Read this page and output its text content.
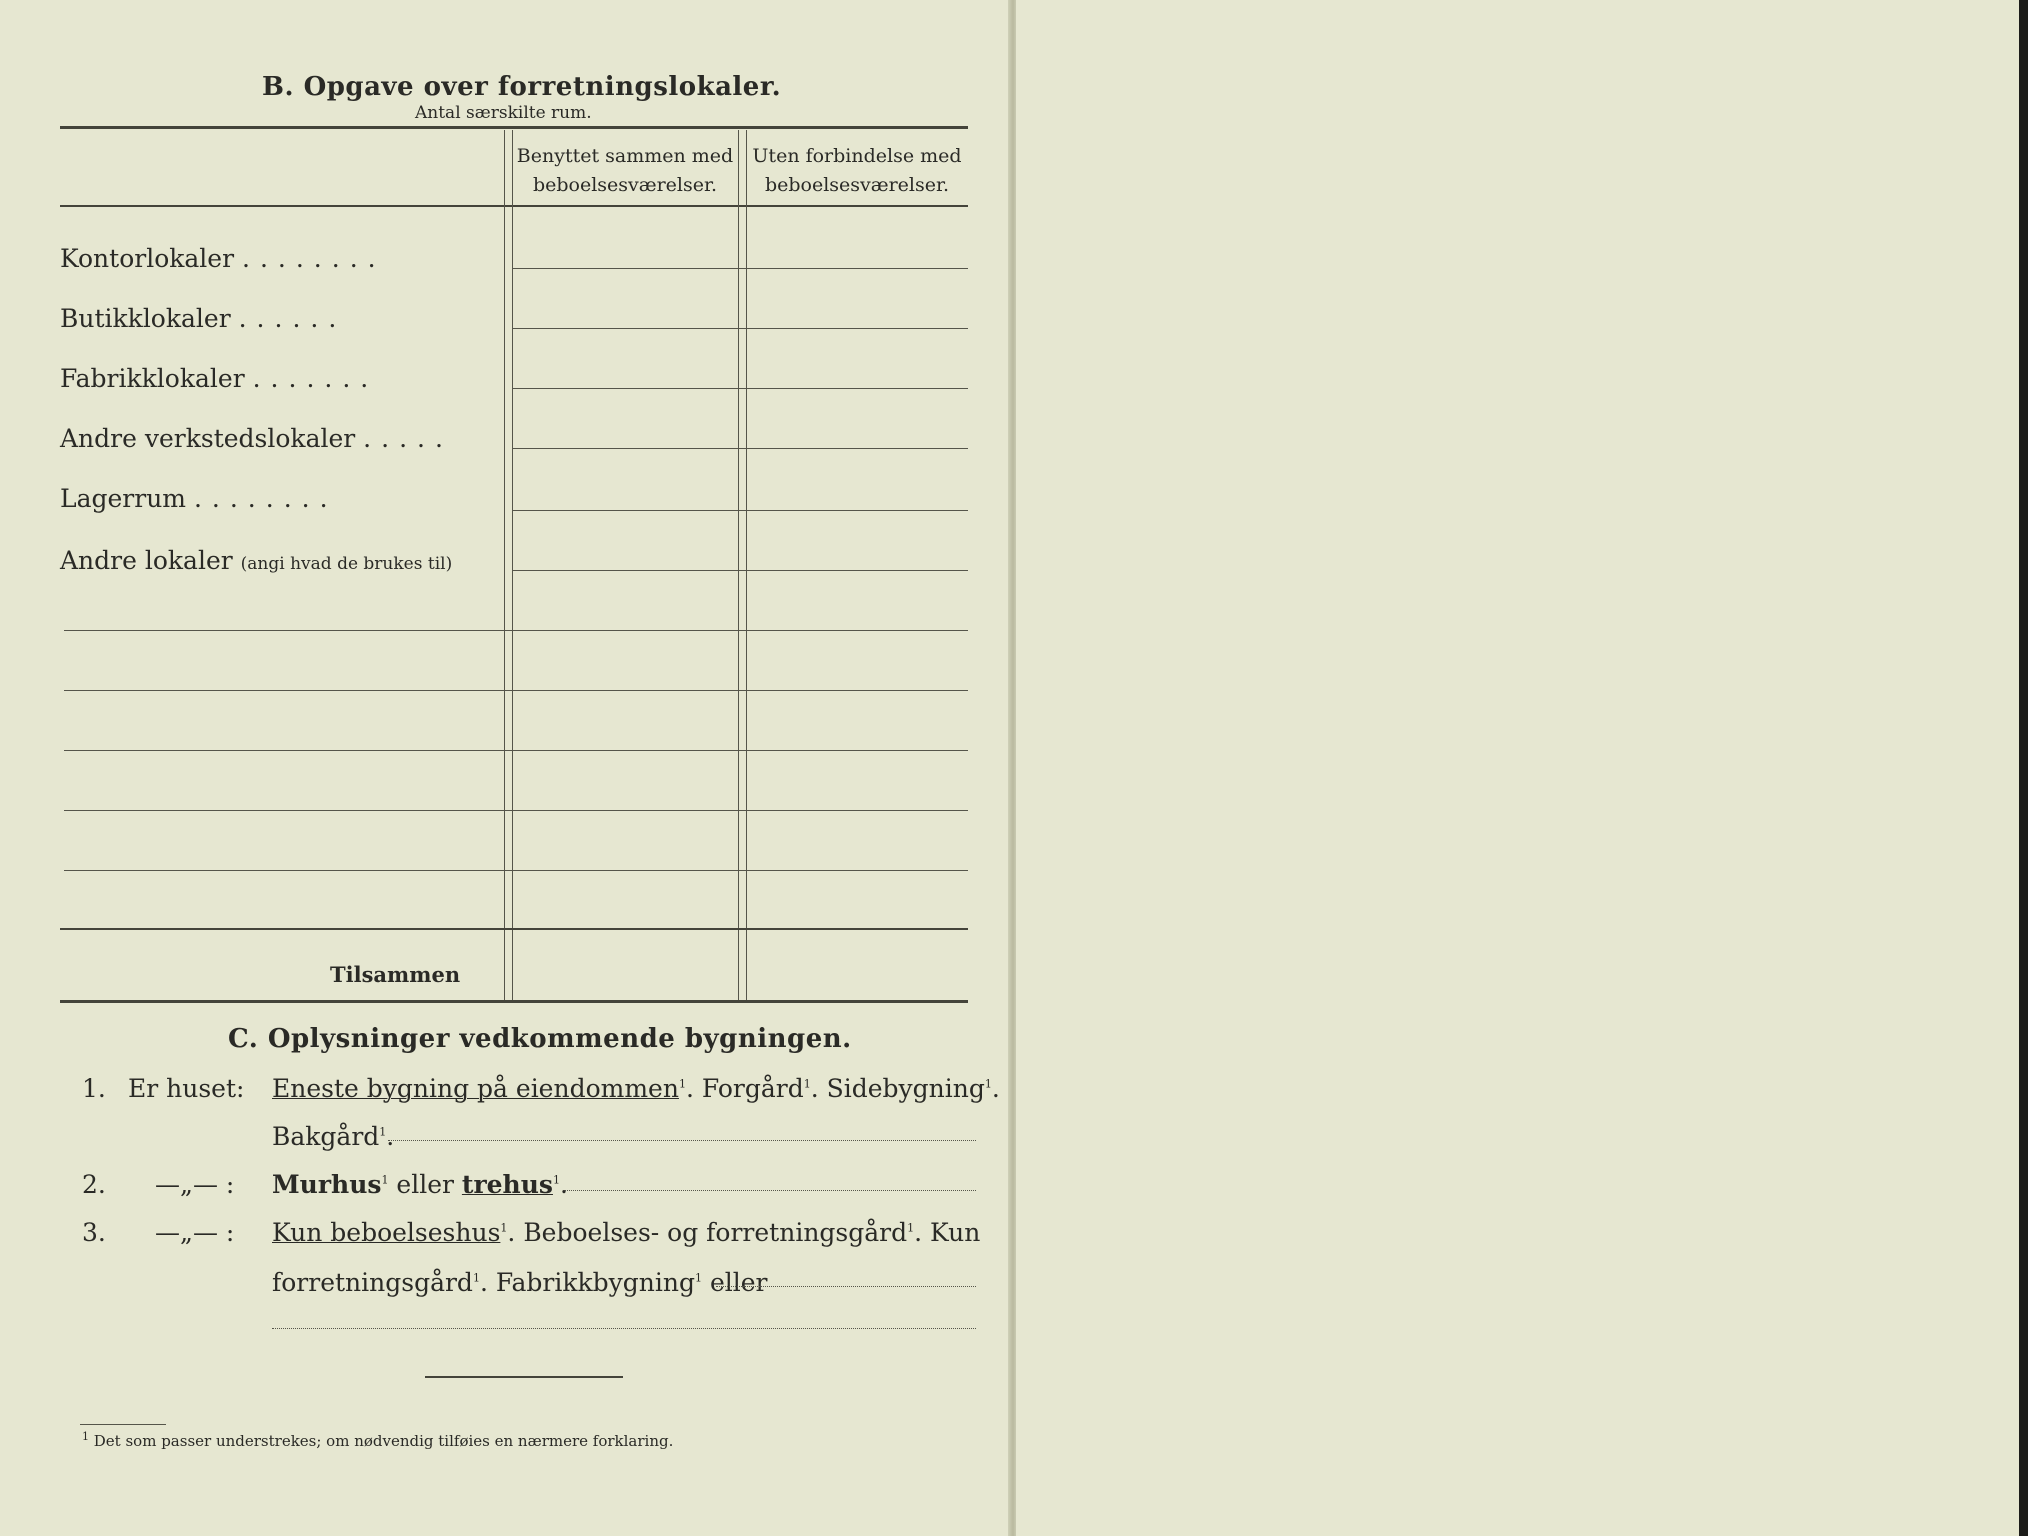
B. Opgave over forretningslokaler.
Antal særskilte rum.
Benyttet sammen med beboelsesværelser.
Uten forbindelse med beboelsesværelser.
Kontorlokaler ........
Butikklokaler ......
Fabrikklokaler .......
Andre verkstedslokaler .....
Lagerrum ........
Andre lokaler (angi hvad de brukes til)
Tilsammen
C. Oplysninger vedkommende bygningen.
1. Er huset: Eneste bygning på eiendommen$^1$. Forgård$^1$. Sidebygning$^1$.
Bakgård$^1$.
2. —„— : Murhus$^1$ eller trehus$^1$.
3. —„— : Kun beboelseshus$^1$. Beboelses- og forretningsgård$^1$. Kun
forretningsgård$^1$. Fabrikkbygning$^1$ eller
$^1$ Det som passer understrekes; om nødvendig tilføies en nærmere forklaring.
